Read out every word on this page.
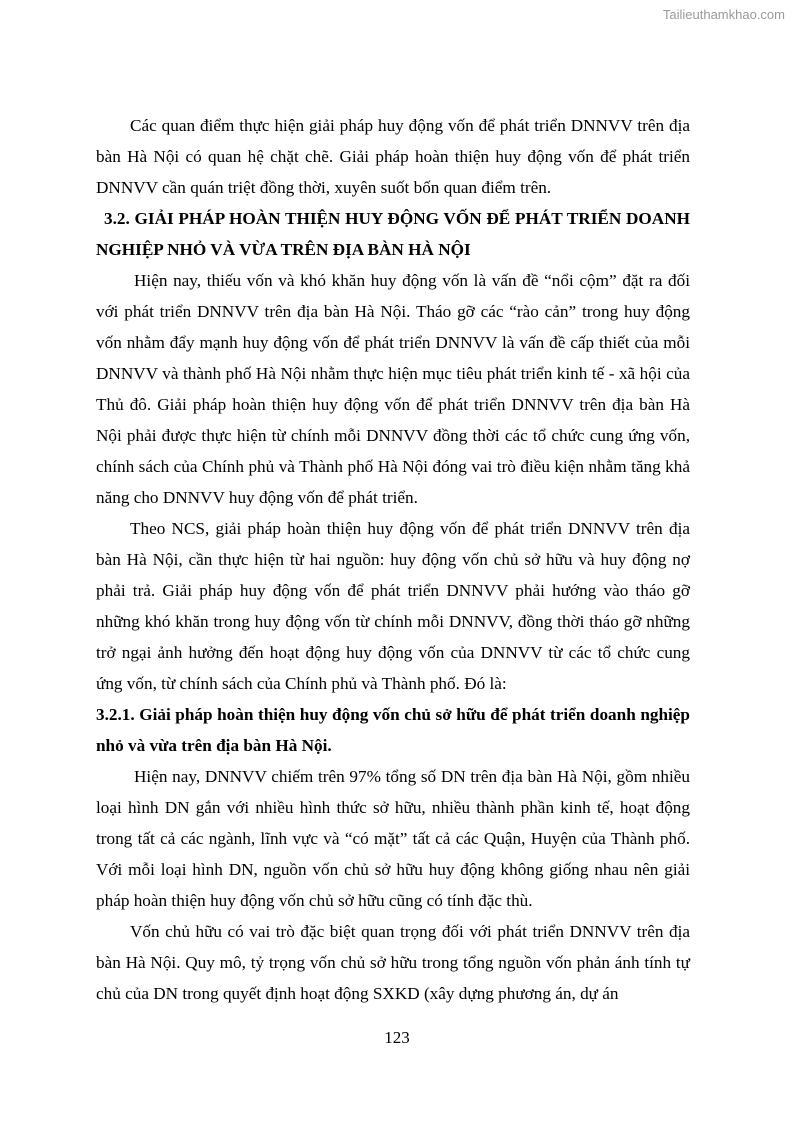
Tailieuthamkhao.com

Các quan điểm thực hiện giải pháp huy động vốn để phát triển DNNVV trên địa bàn Hà Nội có quan hệ chặt chẽ. Giải pháp hoàn thiện huy động vốn để phát triển DNNVV cần quán triệt đồng thời, xuyên suốt bốn quan điểm trên.

3.2. GIẢI PHÁP HOÀN THIỆN HUY ĐỘNG VỐN ĐỂ PHÁT TRIỂN DOANH NGHIỆP NHỎ VÀ VỪA TRÊN ĐỊA BÀN HÀ NỘI

Hiện nay, thiếu vốn và khó khăn huy động vốn là vấn đề “nổi cộm” đặt ra đối với phát triển DNNVV trên địa bàn Hà Nội. Tháo gỡ các “rào cản” trong huy động vốn nhằm đẩy mạnh huy động vốn để phát triển DNNVV là vấn đề cấp thiết của mỗi DNNVV và thành phố Hà Nội nhằm thực hiện mục tiêu phát triển kinh tế - xã hội của Thủ đô. Giải pháp hoàn thiện huy động vốn để phát triển DNNVV trên địa bàn Hà Nội phải được thực hiện từ chính mỗi DNNVV đồng thời các tổ chức cung ứng vốn, chính sách của Chính phủ và Thành phố Hà Nội đóng vai trò điều kiện nhằm tăng khả năng cho DNNVV huy động vốn để phát triển.

Theo NCS, giải pháp hoàn thiện huy động vốn để phát triển DNNVV trên địa bàn Hà Nội, cần thực hiện từ hai nguồn: huy động vốn chủ sở hữu và huy động nợ phải trả. Giải pháp huy động vốn để phát triển DNNVV phải hướng vào tháo gỡ những khó khăn trong huy động vốn từ chính mỗi DNNVV, đồng thời tháo gỡ những trở ngại ảnh hưởng đến hoạt động huy động vốn của DNNVV từ các tổ chức cung ứng vốn, từ chính sách của Chính phủ và Thành phố. Đó là:

3.2.1. Giải pháp hoàn thiện huy động vốn chủ sở hữu để phát triển doanh nghiệp nhỏ và vừa trên địa bàn Hà Nội.

Hiện nay, DNNVV chiếm trên 97% tổng số DN trên địa bàn Hà Nội, gồm nhiều loại hình DN gắn với nhiều hình thức sở hữu, nhiều thành phần kinh tế, hoạt động trong tất cả các ngành, lĩnh vực và “có mặt” tất cả các Quận, Huyện của Thành phố. Với mỗi loại hình DN, nguồn vốn chủ sở hữu huy động không giống nhau nên giải pháp hoàn thiện huy động vốn chủ sở hữu cũng có tính đặc thù.

Vốn chủ hữu có vai trò đặc biệt quan trọng đối với phát triển DNNVV trên địa bàn Hà Nội. Quy mô, tỷ trọng vốn chủ sở hữu trong tổng nguồn vốn phản ánh tính tự chủ của DN trong quyết định hoạt động SXKD (xây dựng phương án, dự án

123
